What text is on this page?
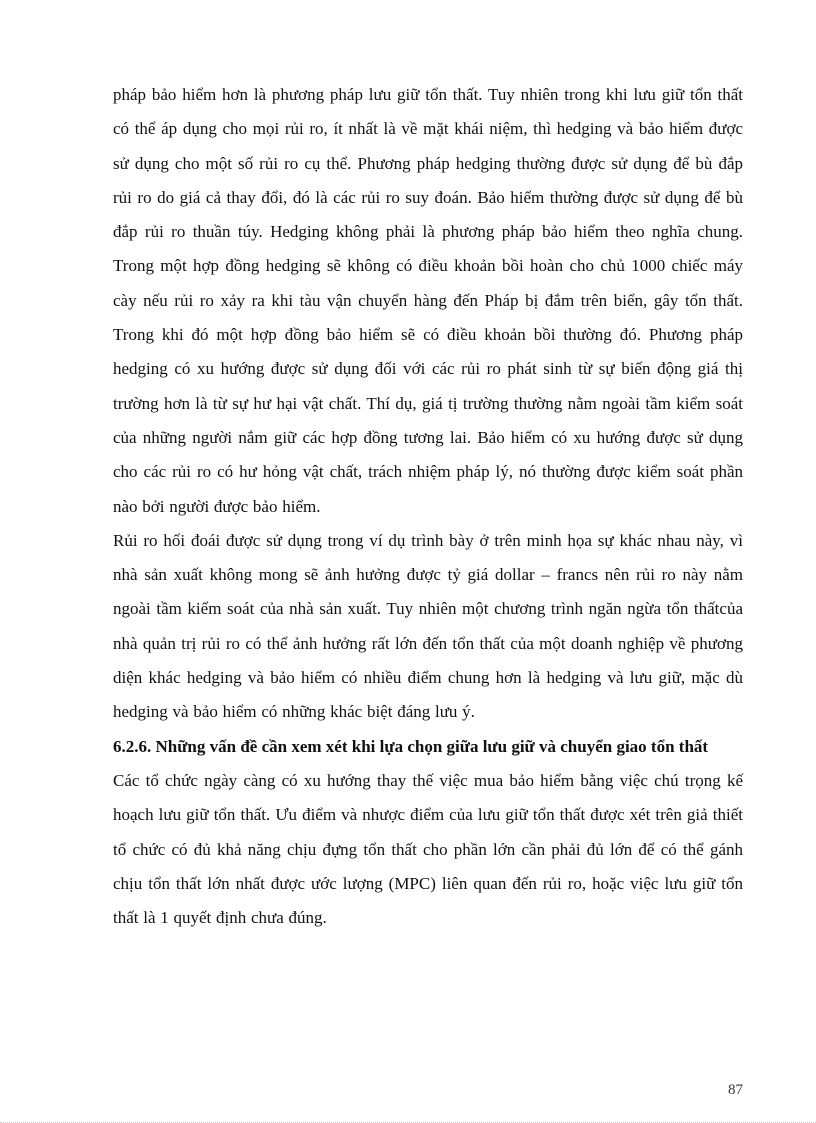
pháp bảo hiểm hơn là phương pháp lưu giữ tổn thất. Tuy nhiên trong khi lưu giữ tổn thất có thể áp dụng cho mọi rủi ro, ít nhất là về mặt khái niệm, thì hedging và bảo hiểm được sử dụng cho một số rủi ro cụ thể. Phương pháp hedging thường được sử dụng để bù đắp rủi ro do giá cả thay đổi, đó là các rủi ro suy đoán. Bảo hiểm thường được sử dụng để bù đắp rủi ro thuần túy. Hedging không phải là phương pháp bảo hiểm theo nghĩa chung. Trong một hợp đồng hedging sẽ không có điều khoản bồi hoàn cho chủ 1000 chiếc máy cày nếu rủi ro xảy ra khi tàu vận chuyển hàng đến Pháp bị đắm trên biển, gây tổn thất. Trong khi đó một hợp đồng bảo hiểm sẽ có điều khoản bồi thường đó. Phương pháp hedging có xu hướng được sử dụng đối với các rủi ro phát sinh từ sự biến động giá thị trường hơn là từ sự hư hại vật chất. Thí dụ, giá tị trường thường nằm ngoài tầm kiểm soát của những người nắm giữ các hợp đồng tương lai. Bảo hiểm có xu hướng được sử dụng cho các rủi ro có hư hỏng vật chất, trách nhiệm pháp lý, nó thường được kiểm soát phần nào bởi người được bảo hiểm.

Rủi ro hối đoái được sử dụng trong ví dụ trình bày ở trên minh họa sự khác nhau này, vì nhà sản xuất không mong sẽ ảnh hưởng được tỷ giá dollar – francs nên rủi ro này nằm ngoài tầm kiểm soát của nhà sản xuất. Tuy nhiên một chương trình ngăn ngừa tổn thấtcủa nhà quản trị rủi ro có thể ảnh hưởng rất lớn đến tổn thất của một doanh nghiệp về phương diện khác hedging và bảo hiểm có nhiều điểm chung hơn là hedging và lưu giữ, mặc dù hedging và bảo hiểm có những khác biệt đáng lưu ý.

6.2.6. Những vấn đề cần xem xét khi lựa chọn giữa lưu giữ và chuyển giao tổn thất

Các tổ chức ngày càng có xu hướng thay thế việc mua bảo hiểm bằng việc chú trọng kế hoạch lưu giữ tổn thất. Ưu điểm và nhược điểm của lưu giữ tổn thất được xét trên giả thiết tổ chức có đủ khả năng chịu đựng tổn thất cho phần lớn cần phải đủ lớn để có thể gánh chịu tổn thất lớn nhất được ước lượng (MPC) liên quan đến rủi ro, hoặc việc lưu giữ tổn thất là 1 quyết định chưa đúng.

87
